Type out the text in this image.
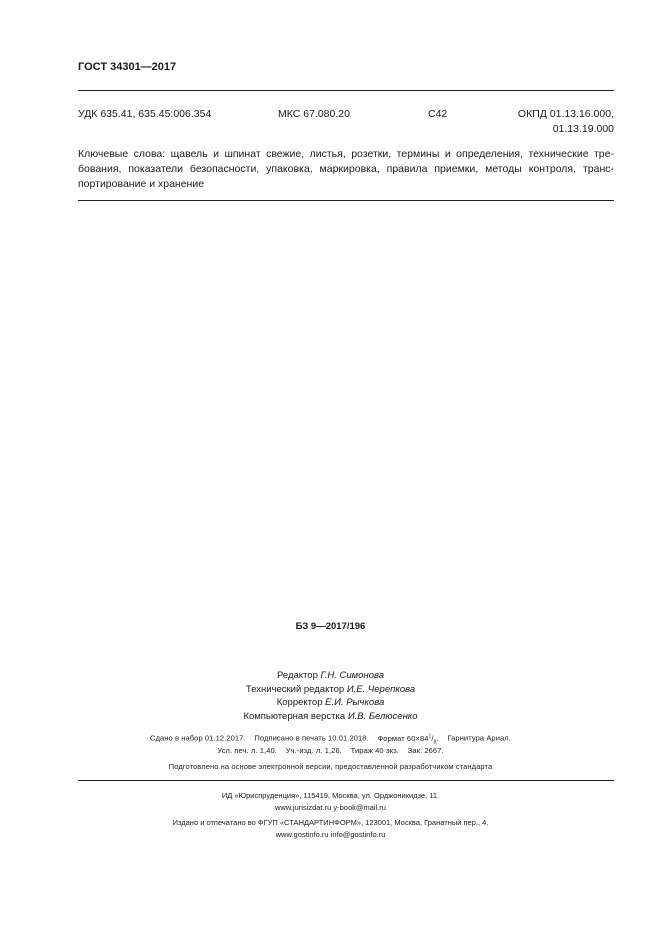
ГОСТ 34301—2017
УДК 635.41, 635.45:006.354	МКС 67.080.20	С42	ОКПД 01.13.16.000,
01.13.19.000
Ключевые слова: щавель и шпинат свежие, листья, розетки, термины и определения, технические тре-бования, показатели безопасности, упаковка, маркировка, правила приемки, методы контроля, транс-портирование и хранение
БЗ 9—2017/196
Редактор Г.Н. Симонова
Технический редактор И.Е. Черепкова
Корректор Е.И. Рычкова
Компьютерная верстка И.В. Белюсенко
Сдано в набор 01.12.2017. Подписано в печать 10.01.2018. Формат $60\times 84^1/_8$. Гарнитура Ариал.
Усл. печ. л. 1,40. Уч.-изд. л. 1,26. Тираж 40 экз. Зак. 2667.
Подготовлено на основе электронной версии, предоставленной разработчиком стандарта
ИД «Юриспруденция», 115419, Москва, ул. Орджоникидзе, 11.
www.jurisizdat.ru y-book@mail.ru
Издано и отпечатано во ФГУП «СТАНДАРТИНФОРМ», 123001, Москва, Гранатный пер., 4.
www.gostinfo.ru info@gostinfo.ru
